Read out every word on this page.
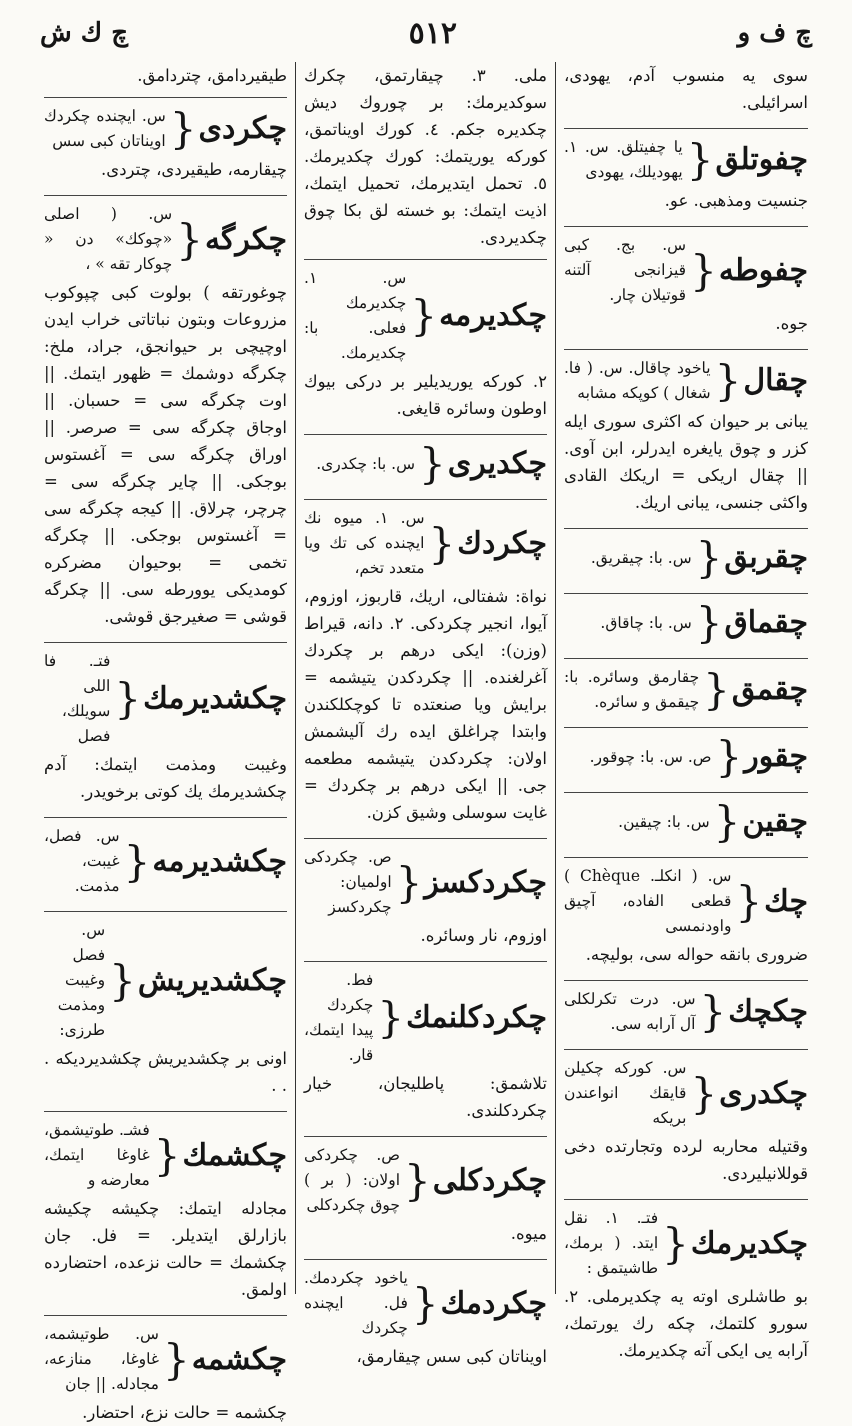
چ ف و
٥١٢
چ ك ش
سوی يه منسوب آدم، يهودی، اسرائيلی.
چفوتلق
{
يا چفيتلق. س. ١. يهوديلك، يهودی
جنسيت ومذهبی. عو.
چفوطه
{
س. بج. كبی قيزانجی آلتنه قوتيلان چار.
جوه.
چقال
{
ياخود چاقال. س. ( فا. شغال ) كوپكه مشابه
يبانی بر حيوان كه اكثری سوری ايله كزر و چوق يايغره ايدرلر، ابن آوی. || چقال اريكی = اريكك القادی واكثی جنسی، يبانی اريك.
چقربق
{
س. با: چيقريق.
چقماق
{
س. با: چاقاق.
چقمق
{
چقارمق وسائره. با: چيقمق و سائره.
چقور
{
ص. س. با: چوقور.
چقين
{
س. با: چيقين.
چك
{
س. ( انكلـ. Chèque ) قطعی الفاده، آچيق واودنمسی
ضروری بانقه حواله سی، بوليچه.
چكچك
{
س. درت تكرلكلی آل آرابه سی.
چكدری
{
س. كوركه چكيلن قايقك انواعندن بريكه
وقتيله محاربه لرده وتجارتده دخی قوللانيليردی.
چكديرمك
{
فتـ. ١. نقل ايتد. ( برمك، طاشيتمق :
بو طاشلری اوته يه چكديرملی. ٢. سورو كلتمك، چكه رك يورتمك، آرابه يی ايكی آته چكديرمك.
ملی. ٣. چيقارتمق، چكرك سوكديرمك: بر چوروك ديش چكديره جكم. ٤. كورك اويناتمق، كوركه يوريتمك: كورك چكديرمك. ٥. تحمل ايتديرمك، تحميل ايتمك، اذيت ايتمك: بو خسته لق بكا چوق چكديردی.
چكديرمه
{
س. ١. چكديرمك فعلی. با: چكديرمك.
٢. كوركه يوريديلير بر دركی بيوك اوطون وسائره قايغی.
چكديری
{
س. با: چكدری.
چكردك
{
س. ١. ميوه نك ايچنده كی تك ويا متعدد تخم،
نواة: شفتالی، اريك، قاربوز، اوزوم، آيوا، انجير چكردكی. ٢. دانه، قيراط (وزن): ايكی درهم بر چكردك آغرلغنده. || چكردكدن يتيشمه = برايش ويا صنعتده تا كوچكلكندن وابتدا چراغلق ايده رك آليشمش اولان: چكردكدن يتيشمه مطعمه جی. || ايكی درهم بر چكردك = غايت سوسلی وشيق كزن.
چكردكسز
{
ص. چكردكی اولميان: چكردكسز
اوزوم، نار وسائره.
چكردكلنمك
{
فط. چكردك پيدا ايتمك، قار.
تلاشمق: پاطليجان، خيار چكردكلندی.
چكردكلی
{
ص. چكردكی اولان: ( بر ) چوق چكردكلی
ميوه.
چكردمك
{
ياخود چكردمك. فل. ايچنده چكردك
اويناتان كبی سس چيقارمق،
طيقيردامق، چتردامق.
چكردی
{
س. ايچنده چكردك اويناتان كبی سس
چيقارمه، طيقيردی، چتردی.
چكرگه
{
س. ( اصلی «چوكك» دن « چوكار تقه » ،
چوغورتقه ) بولوت كبی چپوكوب مزروعات وبتون نباتاتی خراب ايدن اوچيچی بر حيوانجق، جراد، ملخ: چكرگه دوشمك = ظهور ايتمك. || اوت چكرگه سی = حسبان. || اوجاق چكرگه سی = صرصر. || اوراق چكرگه سی = آغستوس بوجكی. || چاير چكرگه سی = چرچر، چرلاق. || كيجه چكرگه سی = آغستوس بوجكی. || چكرگه تخمی = بوحيوان مضركره كومديكی يوورطه سی. || چكرگه قوشی = صغيرجق قوشی.
چكشديرمك
{
فتـ. فا اللی سويلك، فصل
وغيبت ومذمت ايتمك: آدم چكشديرمك يك كوتی برخويدر.
چكشديرمه
{
س. فصل، غيبت، مذمت.
چكشديريش
{
س. فصل وغيبت ومذمت طرزی:
اونی بر چكشديريش چكشديرديكه . . .
چكشمك
{
فشـ. طوتيشمق، غاوغا ايتمك، معارضه و
مجادله ايتمك: چكيشه چكيشه بازارلق ايتديلر. = فل. جان چكشمك = حالت نزعده، احتضارده اولمق.
چكشمه
{
س. طوتيشمه، غاوغا، منازعه، مجادله. || جان
چكشمه = حالت نزع، احتضار.
